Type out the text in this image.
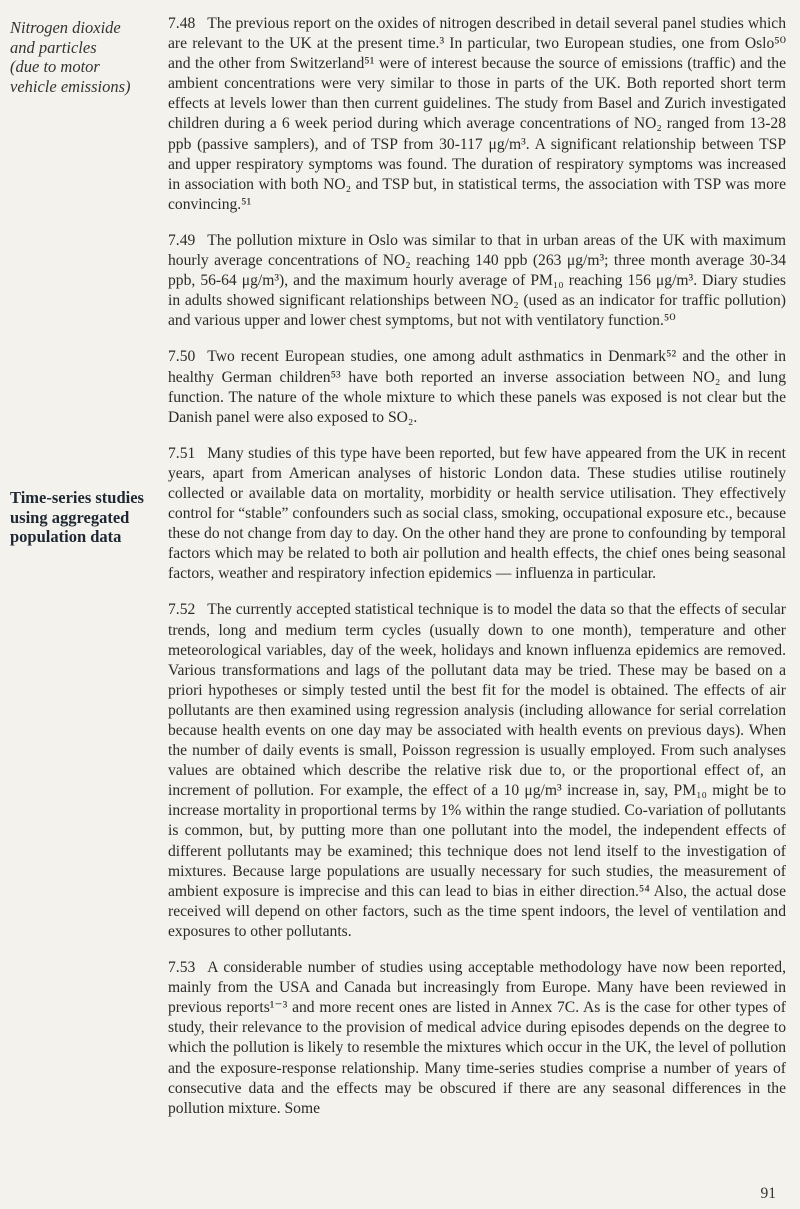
Nitrogen dioxide
and particles
(due to motor
vehicle emissions)
Time-series studies
using aggregated
population data

7.48 The previous report on the oxides of nitrogen described in detail several panel studies which are relevant to the UK at the present time.³ In particular, two European studies, one from Oslo⁵⁰ and the other from Switzerland⁵¹ were of interest because the source of emissions (traffic) and the ambient concentrations were very similar to those in parts of the UK. Both reported short term effects at levels lower than then current guidelines. The study from Basel and Zurich investigated children during a 6 week period during which average concentrations of NO₂ ranged from 13-28 ppb (passive samplers), and of TSP from 30-117 μg/m³. A significant relationship between TSP and upper respiratory symptoms was found. The duration of respiratory symptoms was increased in association with both NO₂ and TSP but, in statistical terms, the association with TSP was more convincing.⁵¹

7.49 The pollution mixture in Oslo was similar to that in urban areas of the UK with maximum hourly average concentrations of NO₂ reaching 140 ppb (263 μg/m³; three month average 30-34 ppb, 56-64 μg/m³), and the maximum hourly average of PM₁₀ reaching 156 μg/m³. Diary studies in adults showed significant relationships between NO₂ (used as an indicator for traffic pollution) and various upper and lower chest symptoms, but not with ventilatory function.⁵⁰

7.50 Two recent European studies, one among adult asthmatics in Denmark⁵² and the other in healthy German children⁵³ have both reported an inverse association between NO₂ and lung function. The nature of the whole mixture to which these panels was exposed is not clear but the Danish panel were also exposed to SO₂.

7.51 Many studies of this type have been reported, but few have appeared from the UK in recent years, apart from American analyses of historic London data. These studies utilise routinely collected or available data on mortality, morbidity or health service utilisation. They effectively control for “stable” confounders such as social class, smoking, occupational exposure etc., because these do not change from day to day. On the other hand they are prone to confounding by temporal factors which may be related to both air pollution and health effects, the chief ones being seasonal factors, weather and respiratory infection epidemics — influenza in particular.

7.52 The currently accepted statistical technique is to model the data so that the effects of secular trends, long and medium term cycles (usually down to one month), temperature and other meteorological variables, day of the week, holidays and known influenza epidemics are removed. Various transformations and lags of the pollutant data may be tried. These may be based on a priori hypotheses or simply tested until the best fit for the model is obtained. The effects of air pollutants are then examined using regression analysis (including allowance for serial correlation because health events on one day may be associated with health events on previous days). When the number of daily events is small, Poisson regression is usually employed. From such analyses values are obtained which describe the relative risk due to, or the proportional effect of, an increment of pollution. For example, the effect of a 10 μg/m³ increase in, say, PM₁₀ might be to increase mortality in proportional terms by 1% within the range studied. Co-variation of pollutants is common, but, by putting more than one pollutant into the model, the independent effects of different pollutants may be examined; this technique does not lend itself to the investigation of mixtures. Because large populations are usually necessary for such studies, the measurement of ambient exposure is imprecise and this can lead to bias in either direction.⁵⁴ Also, the actual dose received will depend on other factors, such as the time spent indoors, the level of ventilation and exposures to other pollutants.

7.53 A considerable number of studies using acceptable methodology have now been reported, mainly from the USA and Canada but increasingly from Europe. Many have been reviewed in previous reports¹⁻³ and more recent ones are listed in Annex 7C. As is the case for other types of study, their relevance to the provision of medical advice during episodes depends on the degree to which the pollution is likely to resemble the mixtures which occur in the UK, the level of pollution and the exposure-response relationship. Many time-series studies comprise a number of years of consecutive data and the effects may be obscured if there are any seasonal differences in the pollution mixture. Some

91
